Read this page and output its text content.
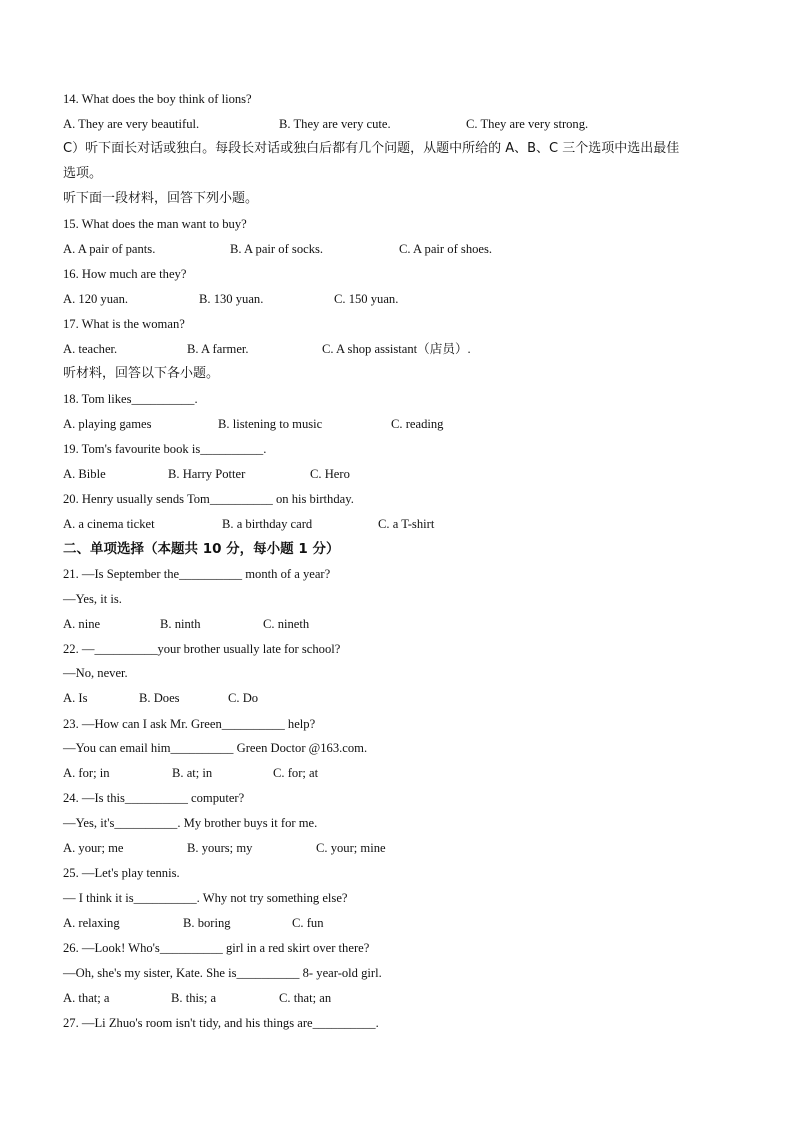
14. What does the boy think of lions?
A. They are very beautiful.	B. They are very cute.	C. They are very strong.
C）听下面长对话或独白。每段长对话或独白后都有几个问题，从题中所给的 A、B、C 三个选项中选出最佳
选项。
听下面一段材料，回答下列小题。
15. What does the man want to buy?
A. A pair of pants.	B. A pair of socks.	C. A pair of shoes.
16. How much are they?
A. 120 yuan.	B. 130 yuan.	C. 150 yuan.
17. What is the woman?
A. teacher.	B. A farmer.	C. A shop assistant（店员）.
听材料，回答以下各小题。
18. Tom likes__________.
A. playing games	B. listening to music	C. reading
19. Tom's favourite book is__________.
A. Bible	B. Harry Potter	C. Hero
20. Henry usually sends Tom__________ on his birthday.
A. a cinema ticket	B. a birthday card	C. a T-shirt
二、单项选择（本题共 10 分，每小题 1 分）
21. —Is September the__________ month of a year?
—Yes, it is.
A. nine	B. ninth	C. nineth
22. —__________your brother usually late for school?
—No, never.
A. Is	B. Does	C. Do
23. —How can I ask Mr. Green__________ help?
—You can email him__________ Green Doctor @163.com.
A. for; in	B. at; in	C. for; at
24. —Is this__________ computer?
—Yes, it's__________. My brother buys it for me.
A. your; me	B. yours; my	C. your; mine
25. —Let's play tennis.
— I think it is__________. Why not try something else?
A. relaxing	B. boring	C. fun
26. —Look! Who's__________ girl in a red skirt over there?
—Oh, she's my sister, Kate. She is__________ 8- year-old girl.
A. that; a	B. this; a	C. that; an
27. —Li Zhuo's room isn't tidy, and his things are__________.
